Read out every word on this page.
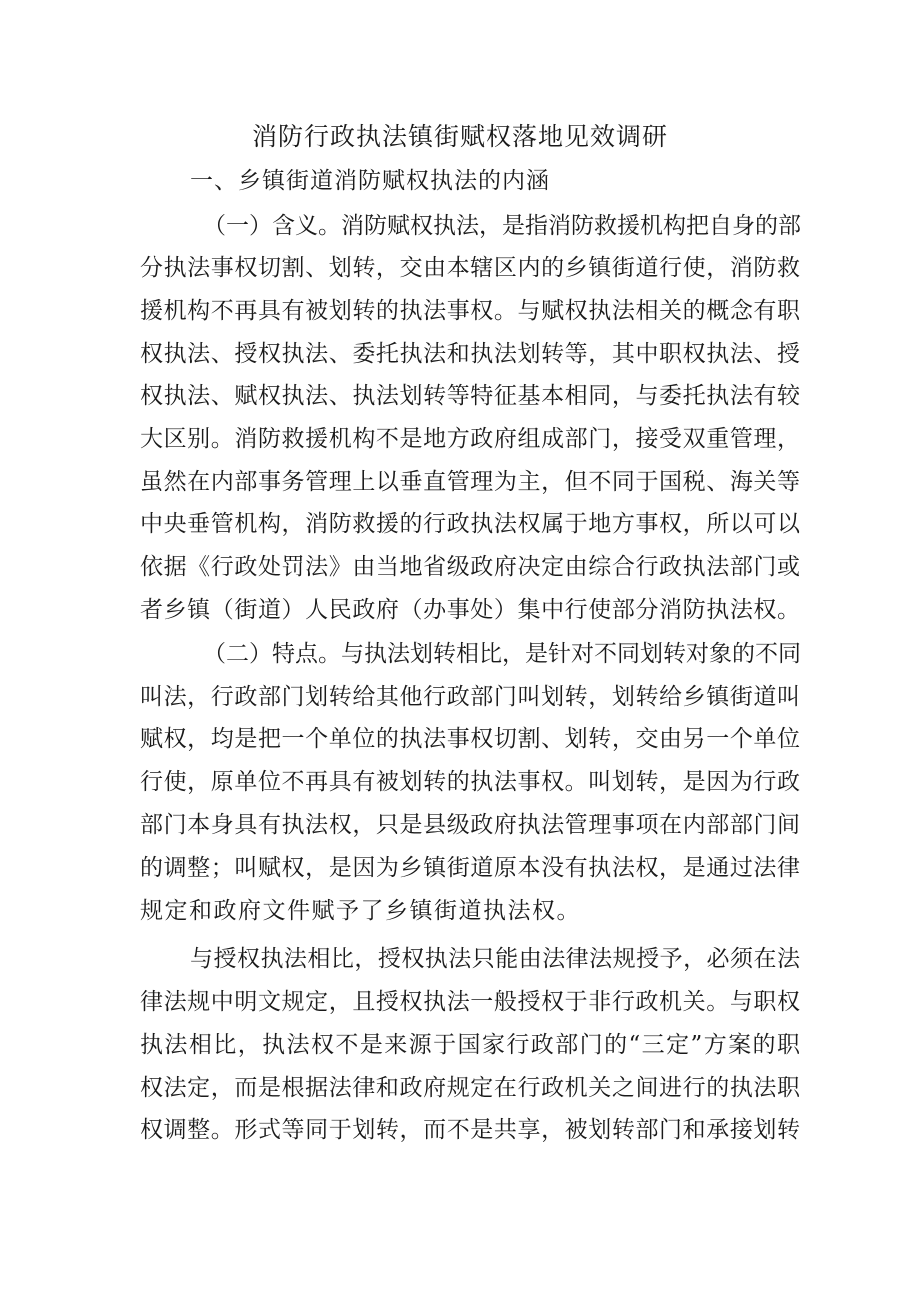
消防行政执法镇街赋权落地见效调研

一、乡镇街道消防赋权执法的内涵

（一）含义。消防赋权执法，是指消防救援机构把自身的部

分执法事权切割、划转，交由本辖区内的乡镇街道行使，消防救

援机构不再具有被划转的执法事权。与赋权执法相关的概念有职

权执法、授权执法、委托执法和执法划转等，其中职权执法、授

权执法、赋权执法、执法划转等特征基本相同，与委托执法有较

大区别。消防救援机构不是地方政府组成部门，接受双重管理，

虽然在内部事务管理上以垂直管理为主，但不同于国税、海关等

中央垂管机构，消防救援的行政执法权属于地方事权，所以可以

依据《行政处罚法》由当地省级政府决定由综合行政执法部门或

者乡镇（街道）人民政府（办事处）集中行使部分消防执法权。

（二）特点。与执法划转相比，是针对不同划转对象的不同

叫法，行政部门划转给其他行政部门叫划转，划转给乡镇街道叫

赋权，均是把一个单位的执法事权切割、划转，交由另一个单位

行使，原单位不再具有被划转的执法事权。叫划转，是因为行政

部门本身具有执法权，只是县级政府执法管理事项在内部部门间

的调整；叫赋权，是因为乡镇街道原本没有执法权，是通过法律

规定和政府文件赋予了乡镇街道执法权。

与授权执法相比，授权执法只能由法律法规授予，必须在法

律法规中明文规定，且授权执法一般授权于非行政机关。与职权

执法相比，执法权不是来源于国家行政部门的“三定”方案的职

权法定，而是根据法律和政府规定在行政机关之间进行的执法职

权调整。形式等同于划转，而不是共享，被划转部门和承接划转
